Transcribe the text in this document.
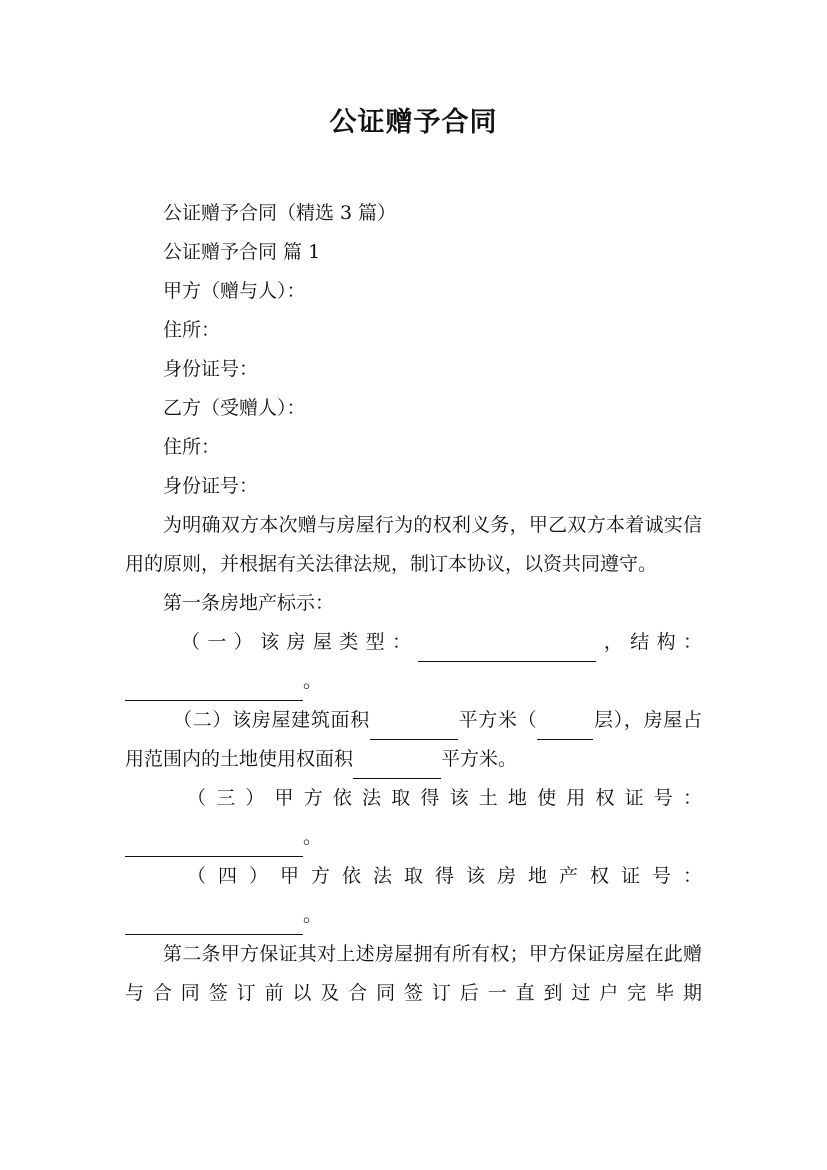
公证赠予合同

公证赠予合同（精选 3 篇）

公证赠予合同 篇 1

甲方（赠与人）：

住所：

身份证号：

乙方（受赠人）：

住所：

身份证号：

为明确双方本次赠与房屋行为的权利义务，甲乙双方本着诚实信用的原则，并根据有关法律法规，制订本协议，以资共同遵守。

第一条房地产标示：

（一）该房屋类型：	，结构：

。

（二）该房屋建筑面积	平方米（	层），房屋占用范围内的土地使用权面积	平方米。

（三）甲方依法取得该土地使用权证号：

。

（四）甲方依法取得该房地产权证号：

。

第二条甲方保证其对上述房屋拥有所有权；甲方保证房屋在此赠与合同签订前以及合同签订后一直到过户完毕期
